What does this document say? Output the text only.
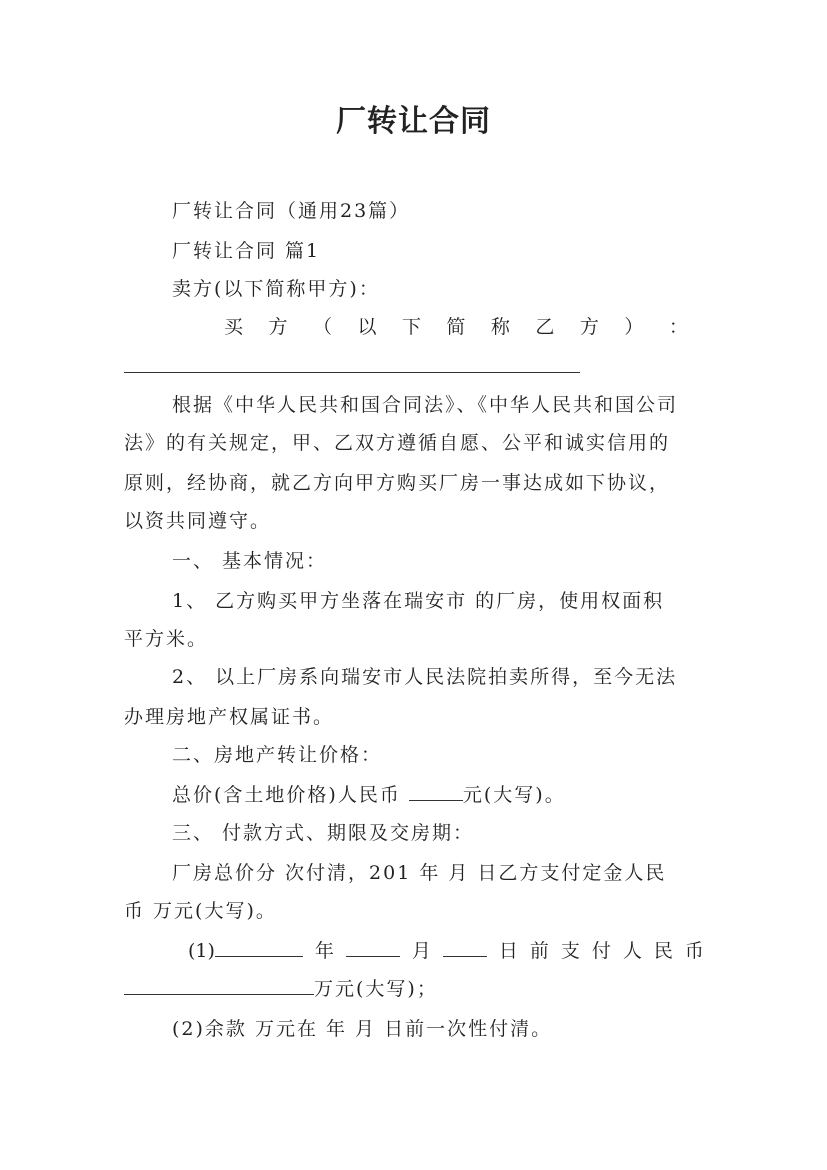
厂转让合同
厂转让合同（通用23篇）
厂转让合同 篇1
卖方(以下简称甲方)：
买 方 （ 以 下 简 称 乙 方 ） ：
根据《中华人民共和国合同法》、《中华人民共和国公司
法》的有关规定，甲、乙双方遵循自愿、公平和诚实信用的
原则，经协商，就乙方向甲方购买厂房一事达成如下协议，
以资共同遵守。
一、 基本情况：
1、 乙方购买甲方坐落在瑞安市 的厂房，使用权面积
平方米。
2、 以上厂房系向瑞安市人民法院拍卖所得，至今无法
办理房地产权属证书。
二、房地产转让价格：
总价(含土地价格)人民币	元(大写)。
三、 付款方式、期限及交房期：
厂房总价分 次付清，201 年 月 日乙方支付定金人民
币 万元(大写)。
(1)	年	月	日 前 支 付 人 民 币
万元(大写)；
(2)余款 万元在 年 月 日前一次性付清。
